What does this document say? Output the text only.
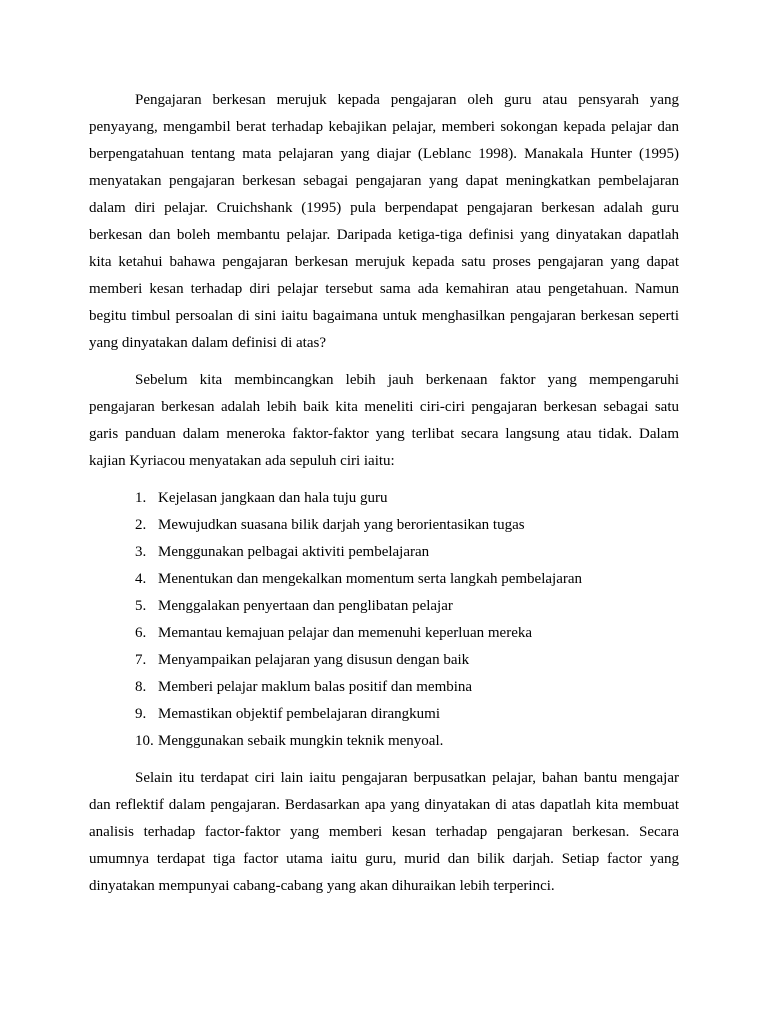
Pengajaran berkesan merujuk kepada pengajaran oleh guru atau pensyarah yang
penyayang, mengambil berat terhadap kebajikan pelajar, memberi sokongan kepada pelajar dan
berpengatahuan tentang mata pelajaran yang diajar (Leblanc 1998). Manakala Hunter (1995)
menyatakan pengajaran berkesan sebagai pengajaran yang dapat meningkatkan pembelajaran
dalam diri pelajar. Cruichshank (1995) pula berpendapat pengajaran berkesan adalah guru
berkesan dan boleh membantu pelajar. Daripada ketiga-tiga definisi yang dinyatakan dapatlah
kita ketahui bahawa pengajaran berkesan merujuk kepada satu proses pengajaran yang dapat
memberi kesan terhadap diri pelajar tersebut sama ada kemahiran atau pengetahuan. Namun
begitu timbul persoalan di sini iaitu bagaimana untuk menghasilkan pengajaran berkesan seperti
yang dinyatakan dalam definisi di atas?
Sebelum kita membincangkan lebih jauh berkenaan faktor yang mempengaruhi
pengajaran berkesan adalah lebih baik kita meneliti ciri-ciri pengajaran berkesan sebagai satu
garis panduan dalam meneroka faktor-faktor yang terlibat secara langsung atau tidak. Dalam
kajian Kyriacou menyatakan ada sepuluh ciri iaitu:
1. Kejelasan jangkaan dan hala tuju guru
2. Mewujudkan suasana bilik darjah yang berorientasikan tugas
3. Menggunakan pelbagai aktiviti pembelajaran
4. Menentukan dan mengekalkan momentum serta langkah pembelajaran
5. Menggalakan penyertaan dan penglibatan pelajar
6. Memantau kemajuan pelajar dan memenuhi keperluan mereka
7. Menyampaikan pelajaran yang disusun dengan baik
8. Memberi pelajar maklum balas positif dan membina
9. Memastikan objektif pembelajaran dirangkumi
10. Menggunakan sebaik mungkin teknik menyoal.
Selain itu terdapat ciri lain iaitu pengajaran berpusatkan pelajar, bahan bantu mengajar
dan reflektif dalam pengajaran. Berdasarkan apa yang dinyatakan di atas dapatlah kita membuat
analisis terhadap factor-faktor yang memberi kesan terhadap pengajaran berkesan. Secara
umumnya terdapat tiga factor utama iaitu guru, murid dan bilik darjah. Setiap factor yang
dinyatakan mempunyai cabang-cabang yang akan dihuraikan lebih terperinci.
